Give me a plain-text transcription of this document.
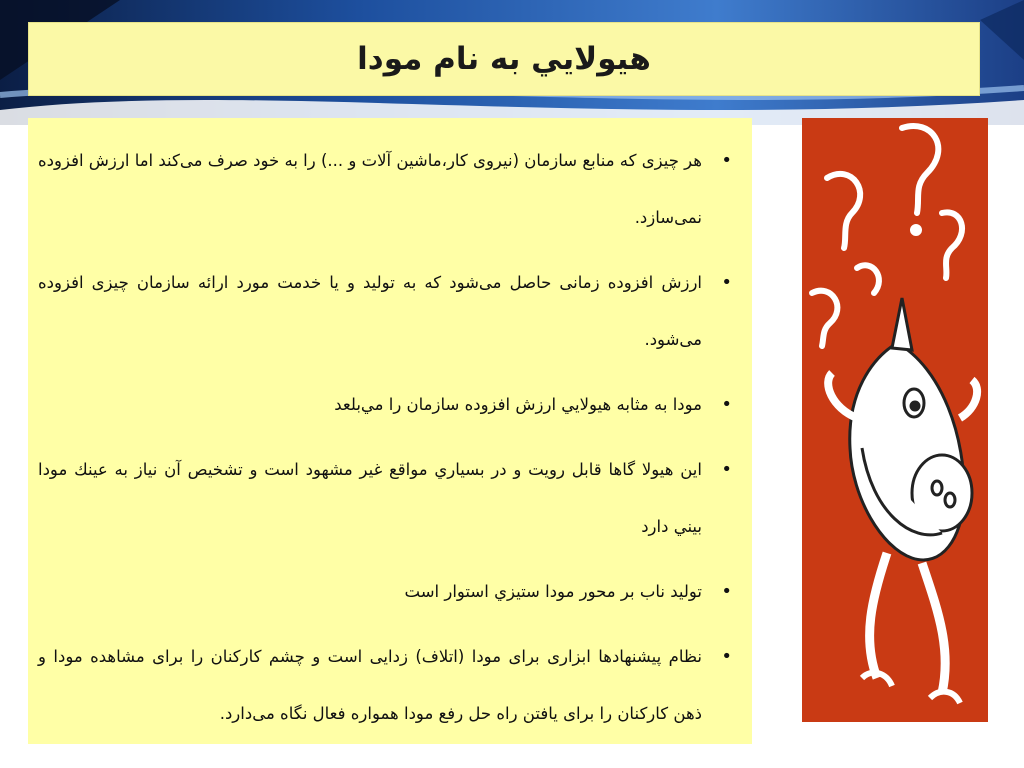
هيولايي به نام مودا
•
هر چیزی که منابع سازمان (نیروی کار،ماشین آلات و ...) را به خود صرف می‌کند اما ارزش افزوده نمی‌سازد.
•
ارزش افزوده زمانی حاصل می‌شود که به تولید و یا خدمت مورد ارائه سازمان چیزی افزوده می‌شود.
•
مودا به مثابه هيولايي ارزش افزوده سازمان را مي‌بلعد
•
اين هيولا گاها قابل رويت و در بسياري مواقع غير مشهود است و تشخيص آن نياز به عينك مودا بيني دارد
•
توليد ناب بر محور مودا ستيزي استوار است
•
نظام پیشنهادها ابزاری برای مودا (اتلاف) زدایی است و چشم کارکنان را برای مشاهده مودا و ذهن کارکنان را برای یافتن راه حل رفع مودا همواره فعال نگاه می‌دارد.
